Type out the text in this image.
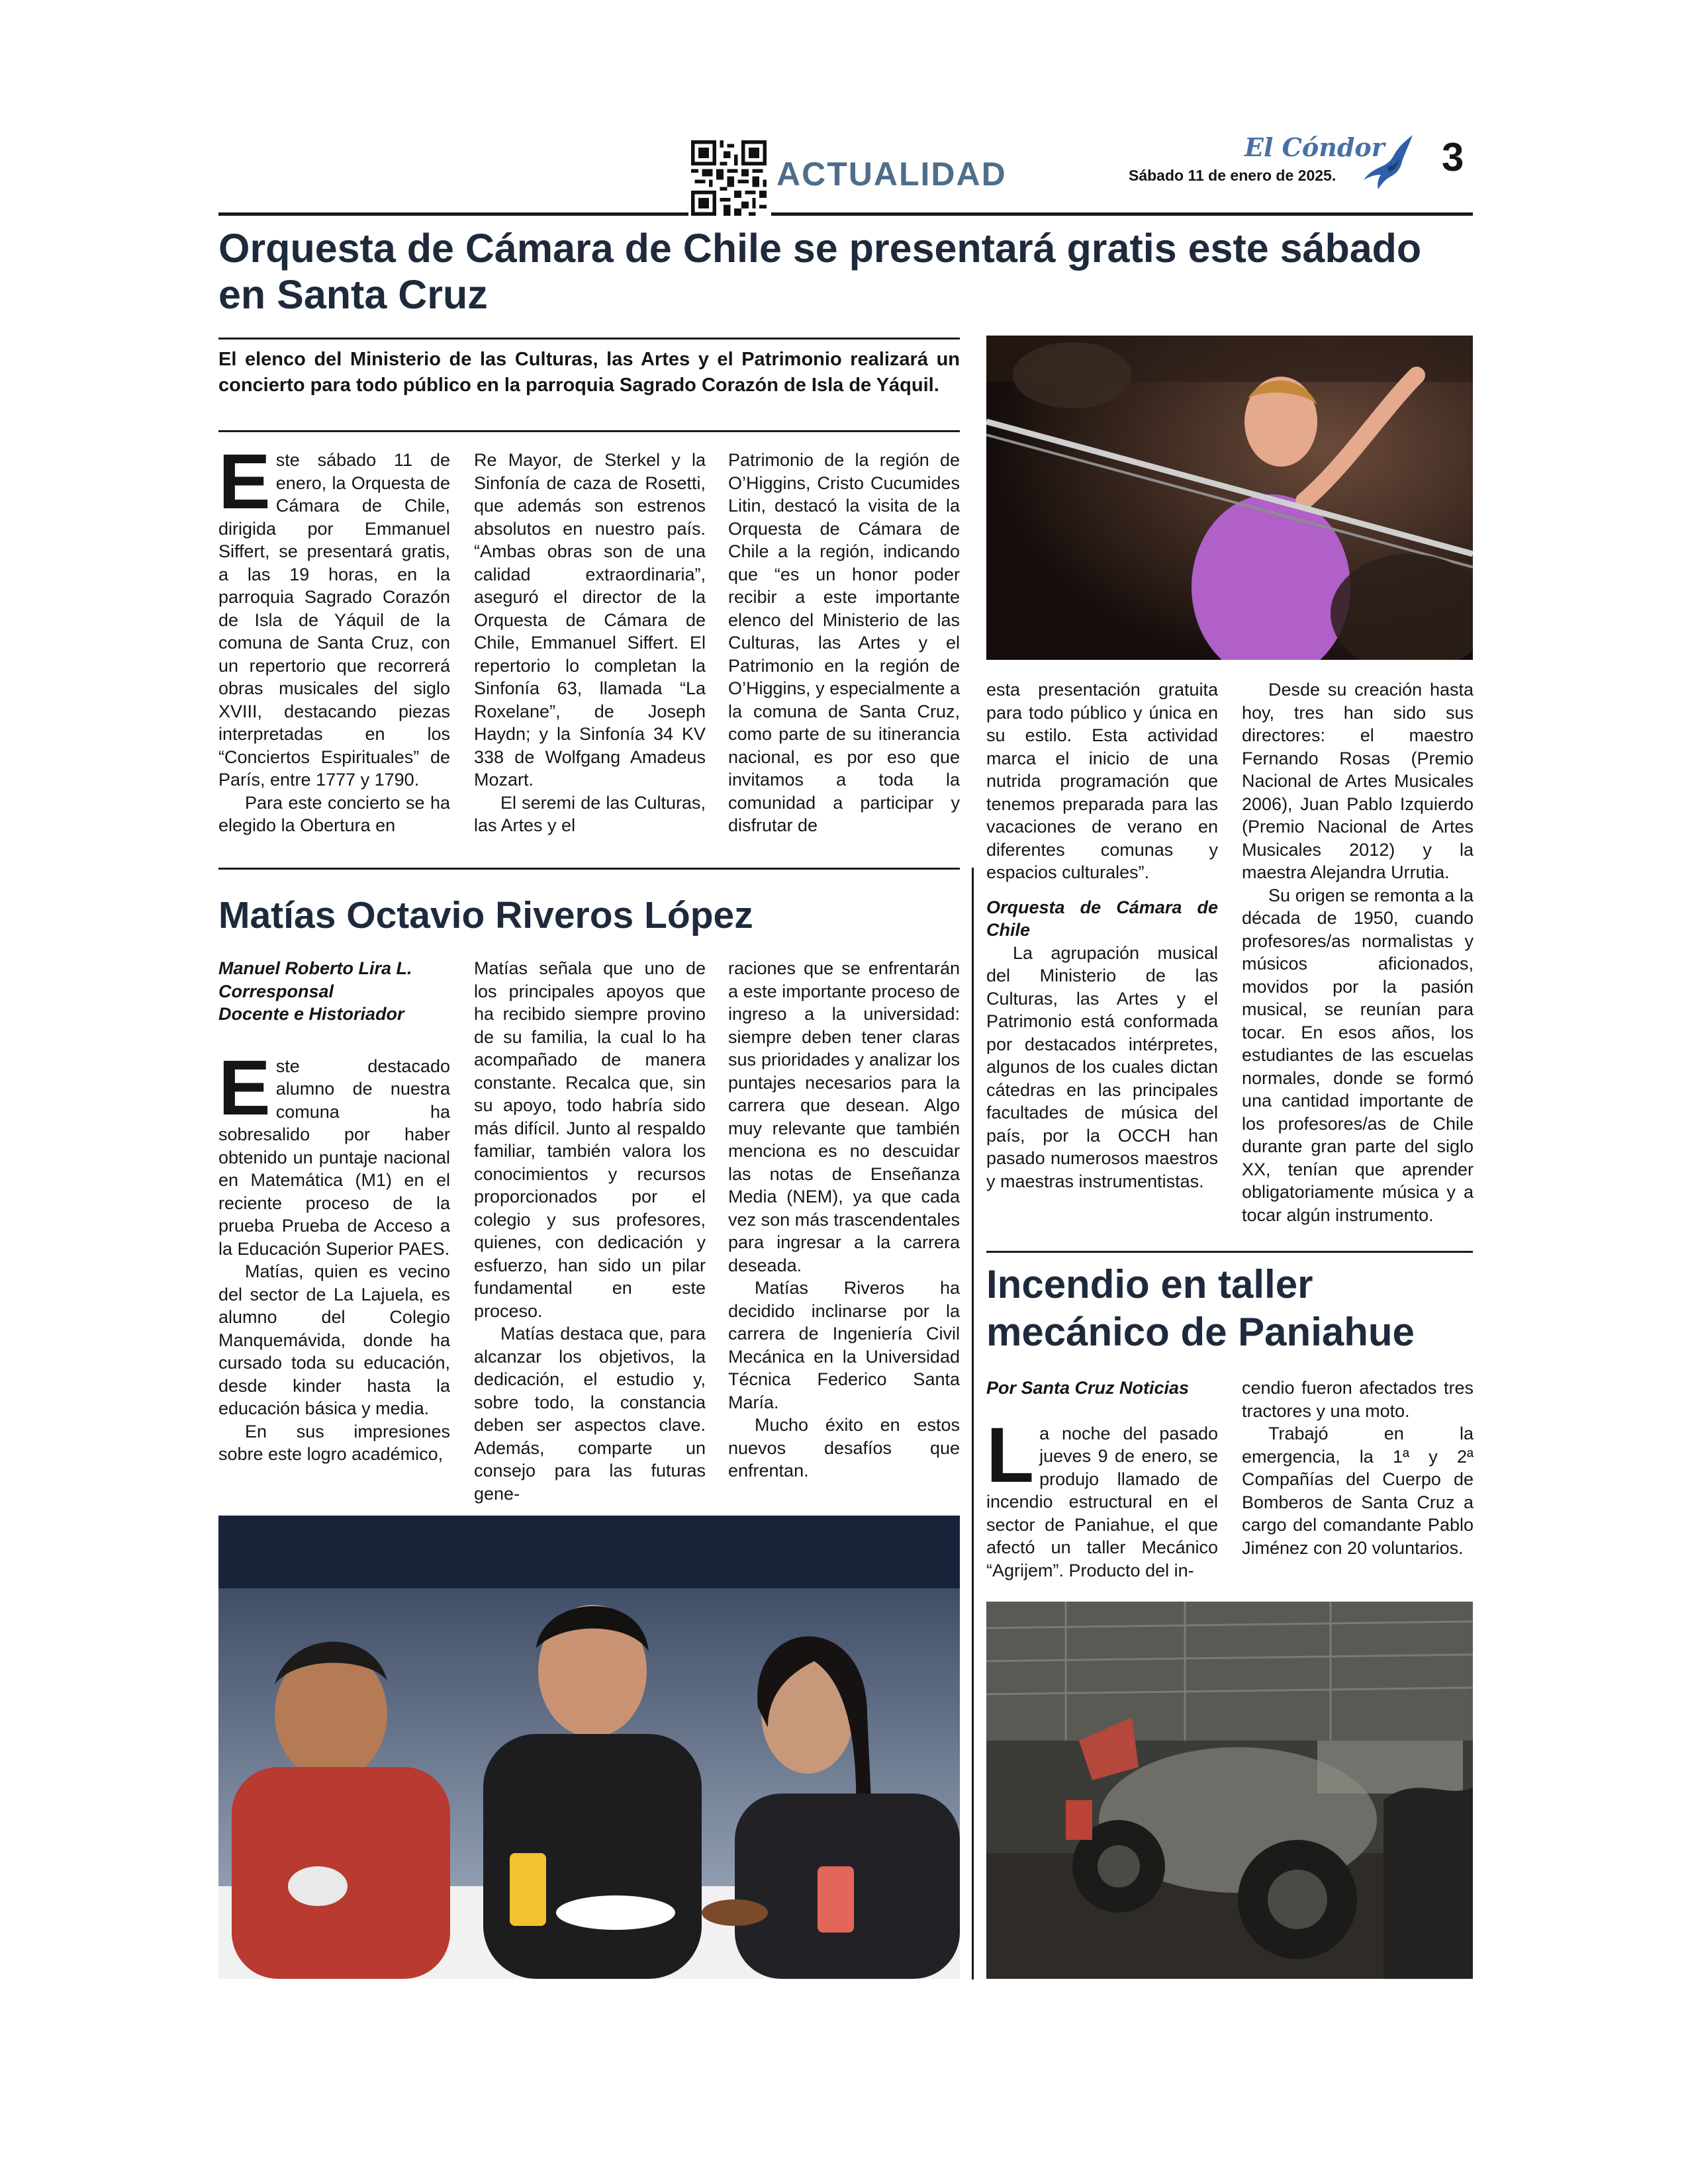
ACTUALIDAD
El Cóndor
Sábado 11 de enero de 2025.	3
Orquesta de Cámara de Chile se presentará gratis este sábado en Santa Cruz
El elenco del Ministerio de las Culturas, las Artes y el Patrimonio realizará un concierto para todo público en la parroquia Sagrado Corazón de Isla de Yáquil.

Este sábado 11 de enero, la Orquesta de Cámara de Chile, dirigida por Emmanuel Siffert, se presentará gratis, a las 19 horas, en la parroquia Sagrado Corazón de Isla de Yáquil de la comuna de Santa Cruz, con un repertorio que recorrerá obras musicales del siglo XVIII, destacando piezas interpretadas en los “Conciertos Espirituales” de París, entre 1777 y 1790.

Para este concierto se ha elegido la Obertura en

Re Mayor, de Sterkel y la Sinfonía de caza de Rosetti, que además son estrenos absolutos en nuestro país. “Ambas obras son de una calidad extraordinaria”, aseguró el director de la Orquesta de Cámara de Chile, Emmanuel Siffert. El repertorio lo completan la Sinfonía 63, llamada “La Roxelane”, de Joseph Haydn; y la Sinfonía 34 KV 338 de Wolfgang Amadeus Mozart.

El seremi de las Culturas, las Artes y el

Patrimonio de la región de O’Higgins, Cristo Cucumides Litin, destacó la visita de la Orquesta de Cámara de Chile a la región, indicando que “es un honor poder recibir a este importante elenco del Ministerio de las Culturas, las Artes y el Patrimonio en la región de O’Higgins, y especialmente a la comuna de Santa Cruz, como parte de su itinerancia nacional, es por eso que invitamos a toda la comunidad a participar y disfrutar de

esta presentación gratuita para todo público y única en su estilo. Esta actividad marca el inicio de una nutrida programación que tenemos preparada para las vacaciones de verano en diferentes comunas y espacios culturales”.

Orquesta de Cámara de Chile

La agrupación musical del Ministerio de las Culturas, las Artes y el Patrimonio está conformada por destacados intérpretes, algunos de los cuales dictan cátedras en las principales facultades de música del país, por la OCCH han pasado numerosos maestros y maestras instrumentistas.

Desde su creación hasta hoy, tres han sido sus directores: el maestro Fernando Rosas (Premio Nacional de Artes Musicales 2006), Juan Pablo Izquierdo (Premio Nacional de Artes Musicales 2012) y la maestra Alejandra Urrutia.

Su origen se remonta a la década de 1950, cuando profesores/as normalistas y músicos aficionados, movidos por la pasión musical, se reunían para tocar. En esos años, los estudiantes de las escuelas normales, donde se formó una cantidad importante de los profesores/as de Chile durante gran parte del siglo XX, tenían que aprender obligatoriamente música y a tocar algún instrumento.

Matías Octavio Riveros López

Manuel Roberto Lira L.

Corresponsal

Docente e Historiador

Este destacado alumno de nuestra comuna ha sobresalido por haber obtenido un puntaje nacional en Matemática (M1) en el reciente proceso de la prueba Prueba de Acceso a la Educación Superior PAES.

Matías, quien es vecino del sector de La Lajuela, es alumno del Colegio Manquemávida, donde ha cursado toda su educación, desde kinder hasta la educación básica y media.

En sus impresiones sobre este logro académico,

Matías señala que uno de los principales apoyos que ha recibido siempre provino de su familia, la cual lo ha acompañado de manera constante. Recalca que, sin su apoyo, todo habría sido más difícil. Junto al respaldo familiar, también valora los conocimientos y recursos proporcionados por el colegio y sus profesores, quienes, con dedicación y esfuerzo, han sido un pilar fundamental en este proceso.

Matías destaca que, para alcanzar los objetivos, la dedicación, el estudio y, sobre todo, la constancia deben ser aspectos clave. Además, comparte un consejo para las futuras gene-

raciones que se enfrentarán a este importante proceso de ingreso a la universidad: siempre deben tener claras sus prioridades y analizar los puntajes necesarios para la carrera que desean. Algo muy relevante que también menciona es no descuidar las notas de Enseñanza Media (NEM), ya que cada vez son más trascendentales para ingresar a la carrera deseada.

Matías Riveros ha decidido inclinarse por la carrera de Ingeniería Civil Mecánica en la Universidad Técnica Federico Santa María.

Mucho éxito en estos nuevos desafíos que enfrentan.

Incendio en taller mecánico de Paniahue

Por Santa Cruz Noticias

La noche del pasado jueves 9 de enero, se produjo llamado de incendio estructural en el sector de Paniahue, el que afectó un taller Mecánico “Agrijem”. Producto del in-

cendio fueron afectados tres tractores y una moto.

Trabajó en la emergencia, la 1ª y 2ª Compañías del Cuerpo de Bomberos de Santa Cruz a cargo del comandante Pablo Jiménez con 20 voluntarios.
